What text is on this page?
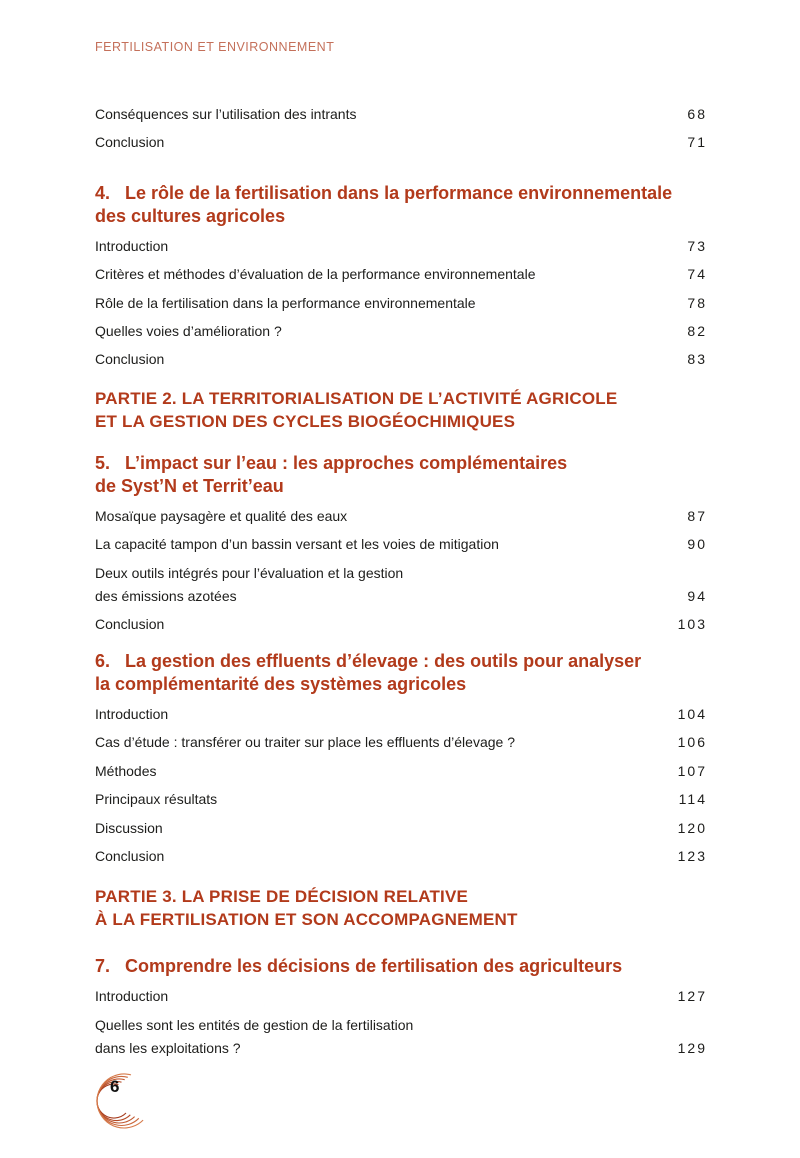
FERTILISATION ET ENVIRONNEMENT
Conséquences sur l’utilisation des intrants	68
Conclusion	71
4. Le rôle de la fertilisation dans la performance environnementale
des cultures agricoles
Introduction	73
Critères et méthodes d’évaluation de la performance environnementale	74
Rôle de la fertilisation dans la performance environnementale	78
Quelles voies d’amélioration ?	82
Conclusion	83
PARTIE 2. LA TERRITORIALISATION DE L’ACTIVITÉ AGRICOLE
ET LA GESTION DES CYCLES BIOGÉOCHIMIQUES
5. L’impact sur l’eau : les approches complémentaires
de Syst’N et Territ’eau
Mosaïque paysagère et qualité des eaux	87
La capacité tampon d’un bassin versant et les voies de mitigation	90
Deux outils intégrés pour l’évaluation et la gestion
des émissions azotées	94
Conclusion	103
6. La gestion des effluents d’élevage : des outils pour analyser
la complémentarité des systèmes agricoles
Introduction	104
Cas d’étude : transférer ou traiter sur place les effluents d’élevage ?	106
Méthodes	107
Principaux résultats	114
Discussion	120
Conclusion	123
PARTIE 3. LA PRISE DE DÉCISION RELATIVE
À LA FERTILISATION ET SON ACCOMPAGNEMENT
7. Comprendre les décisions de fertilisation des agriculteurs
Introduction	127
Quelles sont les entités de gestion de la fertilisation
dans les exploitations ?	129
6
